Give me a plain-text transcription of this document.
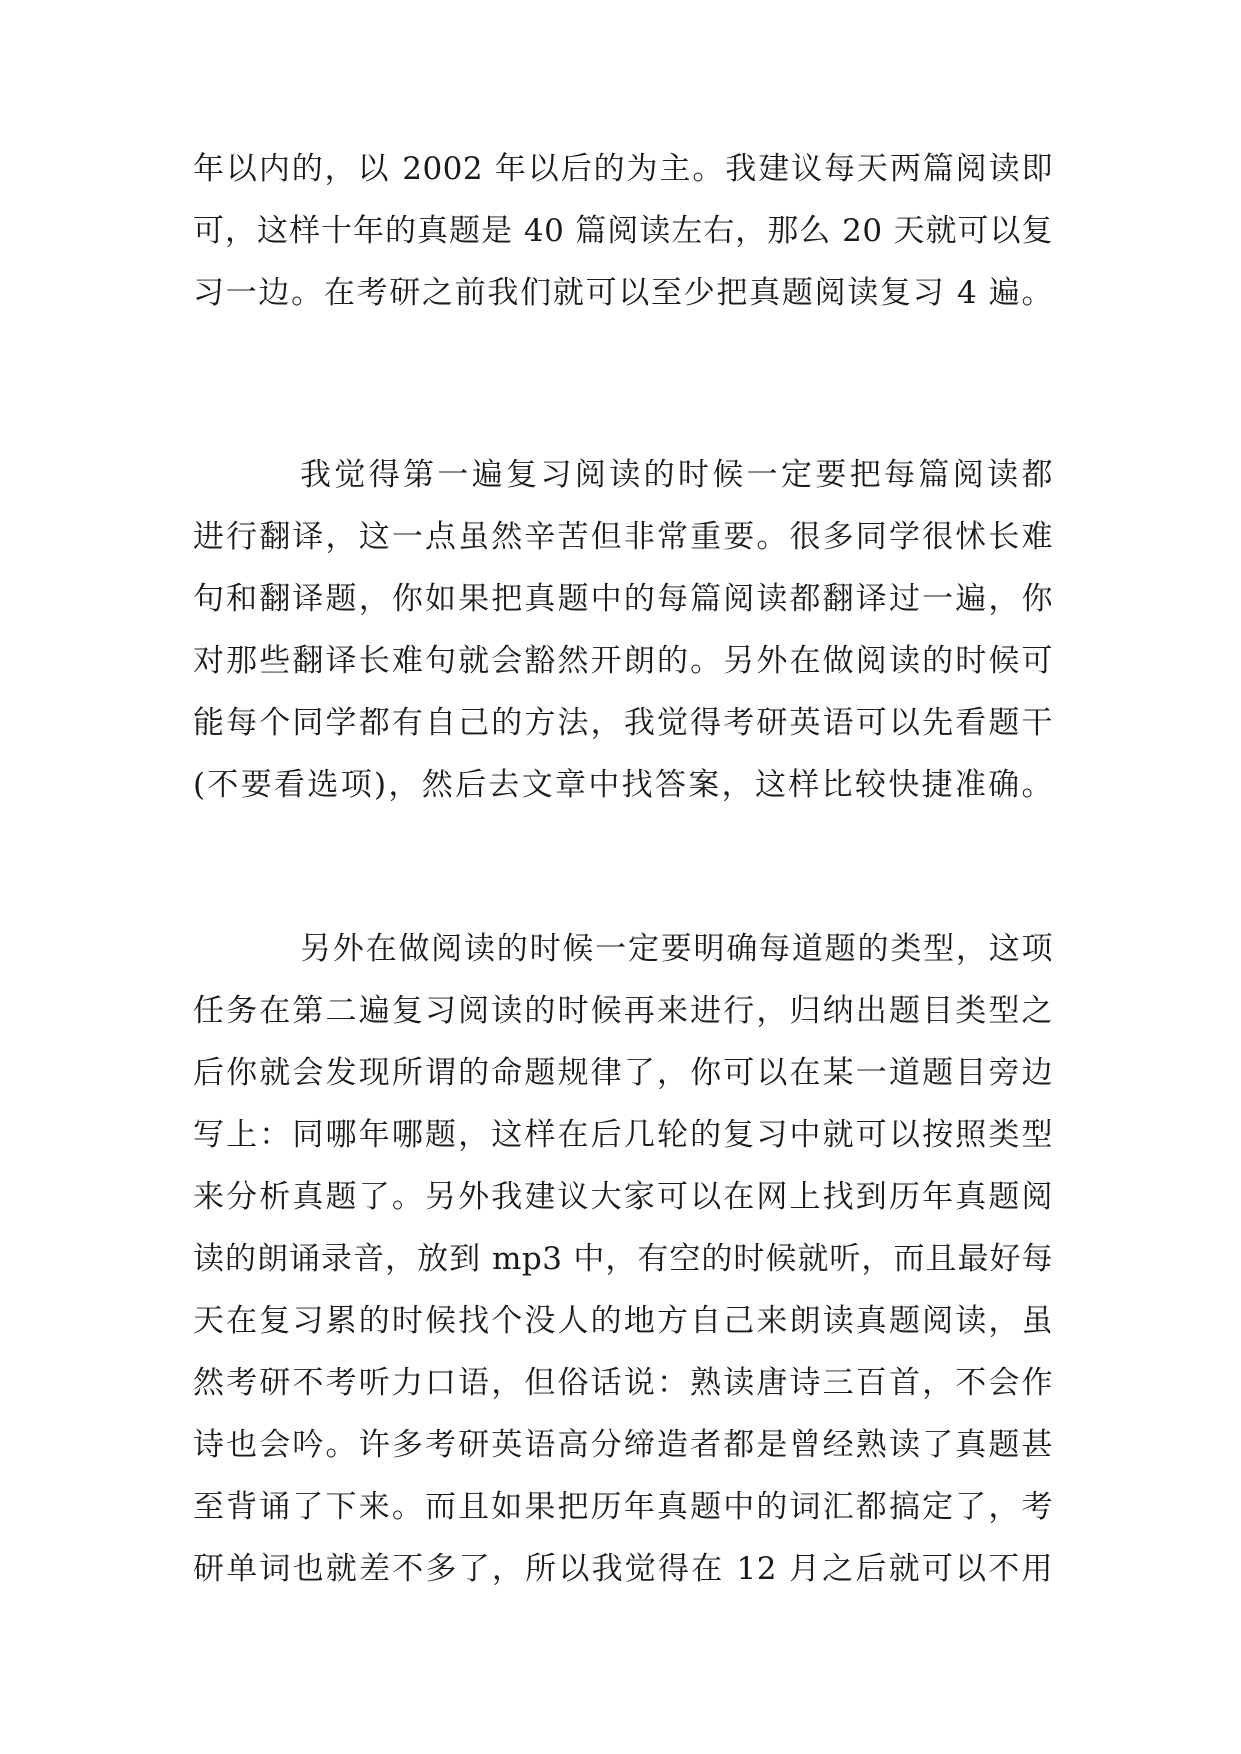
年以内的，以 2002 年以后的为主。我建议每天两篇阅读即
可，这样十年的真题是 40 篇阅读左右，那么 20 天就可以复
习一边。在考研之前我们就可以至少把真题阅读复习 4 遍。
我觉得第一遍复习阅读的时候一定要把每篇阅读都
进行翻译，这一点虽然辛苦但非常重要。很多同学很怵长难
句和翻译题，你如果把真题中的每篇阅读都翻译过一遍，你
对那些翻译长难句就会豁然开朗的。另外在做阅读的时候可
能每个同学都有自己的方法，我觉得考研英语可以先看题干
(不要看选项)，然后去文章中找答案，这样比较快捷准确。
另外在做阅读的时候一定要明确每道题的类型，这项
任务在第二遍复习阅读的时候再来进行，归纳出题目类型之
后你就会发现所谓的命题规律了，你可以在某一道题目旁边
写上：同哪年哪题，这样在后几轮的复习中就可以按照类型
来分析真题了。另外我建议大家可以在网上找到历年真题阅
读的朗诵录音，放到 mp3 中，有空的时候就听，而且最好每
天在复习累的时候找个没人的地方自己来朗读真题阅读，虽
然考研不考听力口语，但俗话说：熟读唐诗三百首，不会作
诗也会吟。许多考研英语高分缔造者都是曾经熟读了真题甚
至背诵了下来。而且如果把历年真题中的词汇都搞定了，考
研单词也就差不多了，所以我觉得在 12 月之后就可以不用
